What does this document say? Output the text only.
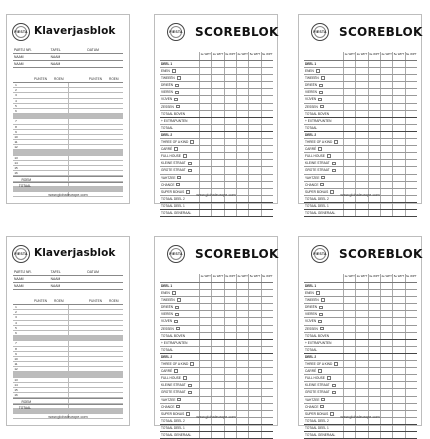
FIESTA Klaverjasblok
PARTIJ NR.	TAFEL	DATUM
NAAM	NAAM
NAAM	NAAM
PUNTEN	ROEM	PUNTEN	ROEM
1
2
3
4
5
6
7
8
9
10
11
12
13
14
15
16
ROEM
TOTAAL
www.globaleurope.com
FIESTA SCOREBLOK
1e WPT 2e WPT 3e WPT 4e WPT 5e WPT 6e WPT
DEEL 1
ENEN
TWEEËN
DRIEËN
VIEREN
VIJVEN
ZESSEN
TOTAAL BOVEN
+ EXTRAPUNTEN
TOTAAL
DEEL 2
THREE OF A KIND
CARRÉ
FULL HOUSE
KLEINE STRAAT
GROTE STRAAT
YAHTZEE
CHANCE
SUPER BONUS
TOTAAL DEEL 2
TOTAAL DEEL 1
TOTAAL GENERAAL
www.globaleurope.com
FIESTA SCOREBLOK
1e WPT 2e WPT 3e WPT 4e WPT 5e WPT 6e WPT
DEEL 1
ENEN
TWEEËN
DRIEËN
VIEREN
VIJVEN
ZESSEN
TOTAAL BOVEN
+ EXTRAPUNTEN
TOTAAL
DEEL 2
THREE OF A KIND
CARRÉ
FULL HOUSE
KLEINE STRAAT
GROTE STRAAT
YAHTZEE
CHANCE
SUPER BONUS
TOTAAL DEEL 2
TOTAAL DEEL 1
TOTAAL GENERAAL
www.globaleurope.com
FIESTA Klaverjasblok
PARTIJ NR.	TAFEL	DATUM
NAAM	NAAM
NAAM	NAAM
PUNTEN	ROEM	PUNTEN	ROEM
1
2
3
4
5
6
7
8
9
10
11
12
13
14
15
16
ROEM
TOTAAL
www.globaleurope.com
FIESTA SCOREBLOK
1e WPT 2e WPT 3e WPT 4e WPT 5e WPT 6e WPT
DEEL 1
ENEN
TWEEËN
DRIEËN
VIEREN
VIJVEN
ZESSEN
TOTAAL BOVEN
+ EXTRAPUNTEN
TOTAAL
DEEL 2
THREE OF A KIND
CARRÉ
FULL HOUSE
KLEINE STRAAT
GROTE STRAAT
YAHTZEE
CHANCE
SUPER BONUS
TOTAAL DEEL 2
TOTAAL DEEL 1
TOTAAL GENERAAL
www.globaleurope.com
FIESTA SCOREBLOK
1e WPT 2e WPT 3e WPT 4e WPT 5e WPT 6e WPT
DEEL 1
ENEN
TWEEËN
DRIEËN
VIEREN
VIJVEN
ZESSEN
TOTAAL BOVEN
+ EXTRAPUNTEN
TOTAAL
DEEL 2
THREE OF A KIND
CARRÉ
FULL HOUSE
KLEINE STRAAT
GROTE STRAAT
YAHTZEE
CHANCE
SUPER BONUS
TOTAAL DEEL 2
TOTAAL DEEL 1
TOTAAL GENERAAL
www.globaleurope.com
